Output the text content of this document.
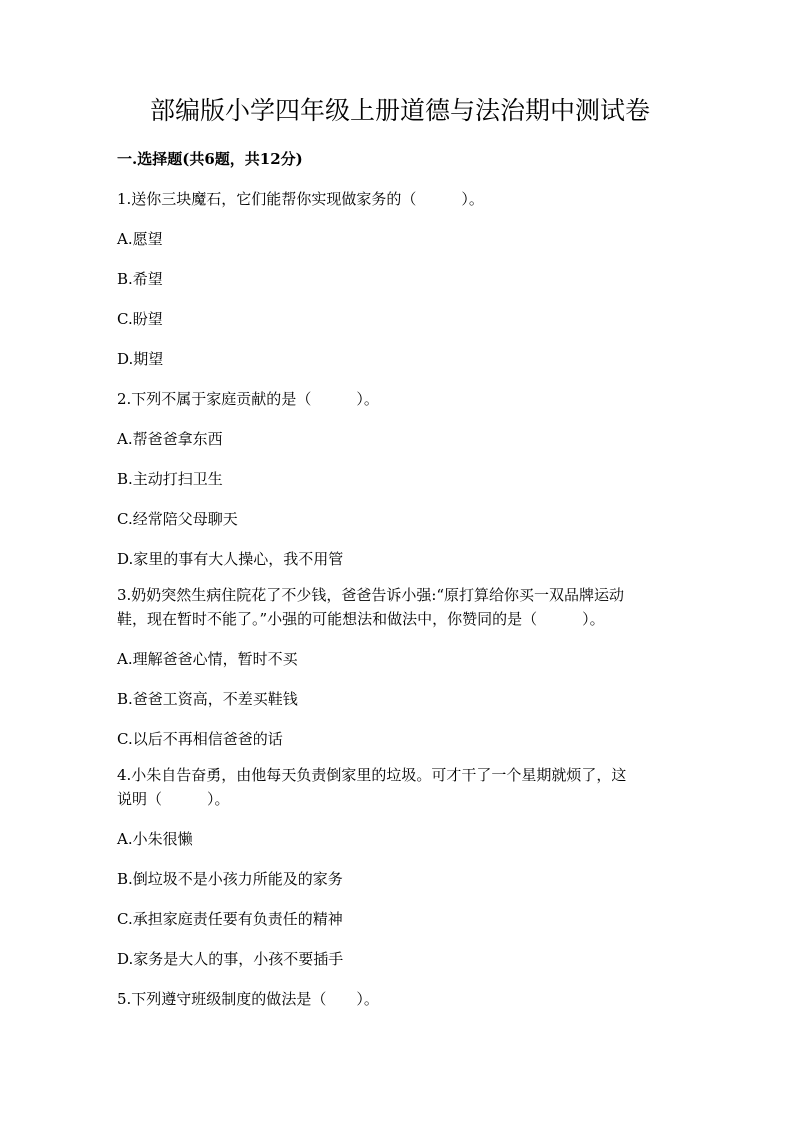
部编版小学四年级上册道德与法治期中测试卷

一.选择题(共6题，共12分)

1.送你三块魔石，它们能帮你实现做家务的（　　　）。

A.愿望

B.希望

C.盼望

D.期望

2.下列不属于家庭贡献的是（　　　）。

A.帮爸爸拿东西

B.主动打扫卫生

C.经常陪父母聊天

D.家里的事有大人操心，我不用管

3.奶奶突然生病住院花了不少钱，爸爸告诉小强:“原打算给你买一双品牌运动

鞋，现在暂时不能了。”小强的可能想法和做法中，你赞同的是（　　　）。

A.理解爸爸心情，暂时不买

B.爸爸工资高，不差买鞋钱

C.以后不再相信爸爸的话

4.小朱自告奋勇，由他每天负责倒家里的垃圾。可才干了一个星期就烦了，这

说明（　　　）。

A.小朱很懒

B.倒垃圾不是小孩力所能及的家务

C.承担家庭责任要有负责任的精神

D.家务是大人的事，小孩不要插手

5.下列遵守班级制度的做法是（　　）。
